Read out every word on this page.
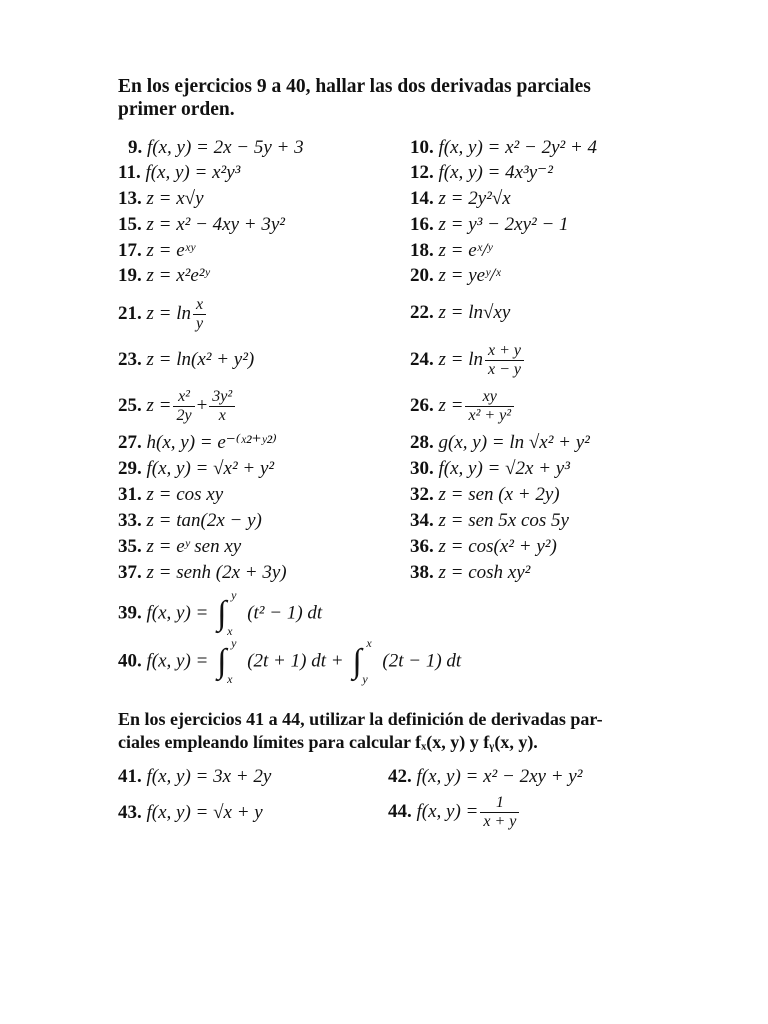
En los ejercicios 9 a 40, hallar las dos derivadas parciales
primer orden.
9. f(x, y) = 2x − 5y + 3	10. f(x, y) = x² − 2y² + 4
11. f(x, y) = x²y³	12. f(x, y) = 4x³y⁻²
13. z = x√y	14. z = 2y²√x
15. z = x² − 4xy + 3y²	16. z = y³ − 2xy² − 1
17. z = eˣʸ	18. z = eˣ/ʸ
19. z = x²e²ʸ	20. z = yeʸ/ˣ
21. $z = \ln \frac{x}{y}$	22. z = ln√xy
23. z = ln(x² + y²)	24. $z = \ln \frac{x + y}{x - y}$
25. $z = \frac{\text{x²}}{2y} + \frac{\text{3y²}}{x}$	26. $z = \frac{xy}{\text{x² + y²}}$
27. h(x, y) = e⁻⁽ˣ²⁺ʸ²⁾	28. g(x, y) = ln √x² + y²
29. f(x, y) = √x² + y²	30. f(x, y) = √2x + y³
31. z = cos xy	32. z = sen (x + 2y)
33. z = tan(2x − y)	34. z = sen 5x cos 5y
35. z = eʸ sen xy	36. z = cos(x² + y²)
37. z = senh (2x + 3y)	38. z = cosh xy²
39. f(x, y) = ∫ y
x
(t² − 1) dt
40. f(x, y) = ∫ y
x
(2t + 1) dt + ∫ x
y
(2t − 1) dt
En los ejercicios 41 a 44, utilizar la definición de derivadas par-
ciales empleando límites para calcular fₓ(x, y) y fᵧ(x, y).
41. f(x, y) = 3x + 2y	42. f(x, y) = x² − 2xy + y²
43. f(x, y) = √x + y	44. f(x, $y) = \frac{1}{x + y}$
